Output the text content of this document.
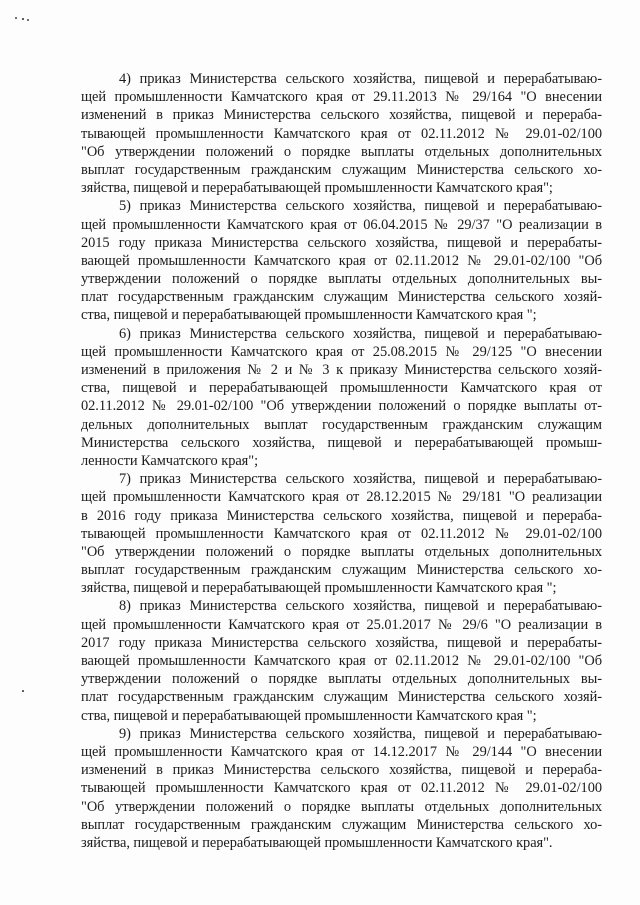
4) приказ Министерства сельского хозяйства, пищевой и перерабатываю-
щей промышленности Камчатского края от 29.11.2013 № 29/164 "О внесении
изменений в приказ Министерства сельского хозяйства, пищевой и перераба-
тывающей промышленности Камчатского края от 02.11.2012 № 29.01-02/100
"Об утверждении положений о порядке выплаты отдельных дополнительных
выплат государственным гражданским служащим Министерства сельского хо-
зяйства, пищевой и перерабатывающей промышленности Камчатского края";
5) приказ Министерства сельского хозяйства, пищевой и перерабатываю-
щей промышленности Камчатского края от 06.04.2015 № 29/37 "О реализации в
2015 году приказа Министерства сельского хозяйства, пищевой и перерабаты-
вающей промышленности Камчатского края от 02.11.2012 № 29.01-02/100 "Об
утверждении положений о порядке выплаты отдельных дополнительных вы-
плат государственным гражданским служащим Министерства сельского хозяй-
ства, пищевой и перерабатывающей промышленности Камчатского края ";
6) приказ Министерства сельского хозяйства, пищевой и перерабатываю-
щей промышленности Камчатского края от 25.08.2015 № 29/125 "О внесении
изменений в приложения № 2 и № 3 к приказу Министерства сельского хозяй-
ства, пищевой и перерабатывающей промышленности Камчатского края от
02.11.2012 № 29.01-02/100 "Об утверждении положений о порядке выплаты от-
дельных дополнительных выплат государственным гражданским служащим
Министерства сельского хозяйства, пищевой и перерабатывающей промыш-
ленности Камчатского края";
7) приказ Министерства сельского хозяйства, пищевой и перерабатываю-
щей промышленности Камчатского края от 28.12.2015 № 29/181 "О реализации
в 2016 году приказа Министерства сельского хозяйства, пищевой и перераба-
тывающей промышленности Камчатского края от 02.11.2012 № 29.01-02/100
"Об утверждении положений о порядке выплаты отдельных дополнительных
выплат государственным гражданским служащим Министерства сельского хо-
зяйства, пищевой и перерабатывающей промышленности Камчатского края ";
8) приказ Министерства сельского хозяйства, пищевой и перерабатываю-
щей промышленности Камчатского края от 25.01.2017 № 29/6 "О реализации в
2017 году приказа Министерства сельского хозяйства, пищевой и перерабаты-
вающей промышленности Камчатского края от 02.11.2012 № 29.01-02/100 "Об
утверждении положений о порядке выплаты отдельных дополнительных вы-
плат государственным гражданским служащим Министерства сельского хозяй-
ства, пищевой и перерабатывающей промышленности Камчатского края ";
9) приказ Министерства сельского хозяйства, пищевой и перерабатываю-
щей промышленности Камчатского края от 14.12.2017 № 29/144 "О внесении
изменений в приказ Министерства сельского хозяйства, пищевой и перераба-
тывающей промышленности Камчатского края от 02.11.2012 № 29.01-02/100
"Об утверждении положений о порядке выплаты отдельных дополнительных
выплат государственным гражданским служащим Министерства сельского хо-
зяйства, пищевой и перерабатывающей промышленности Камчатского края".
